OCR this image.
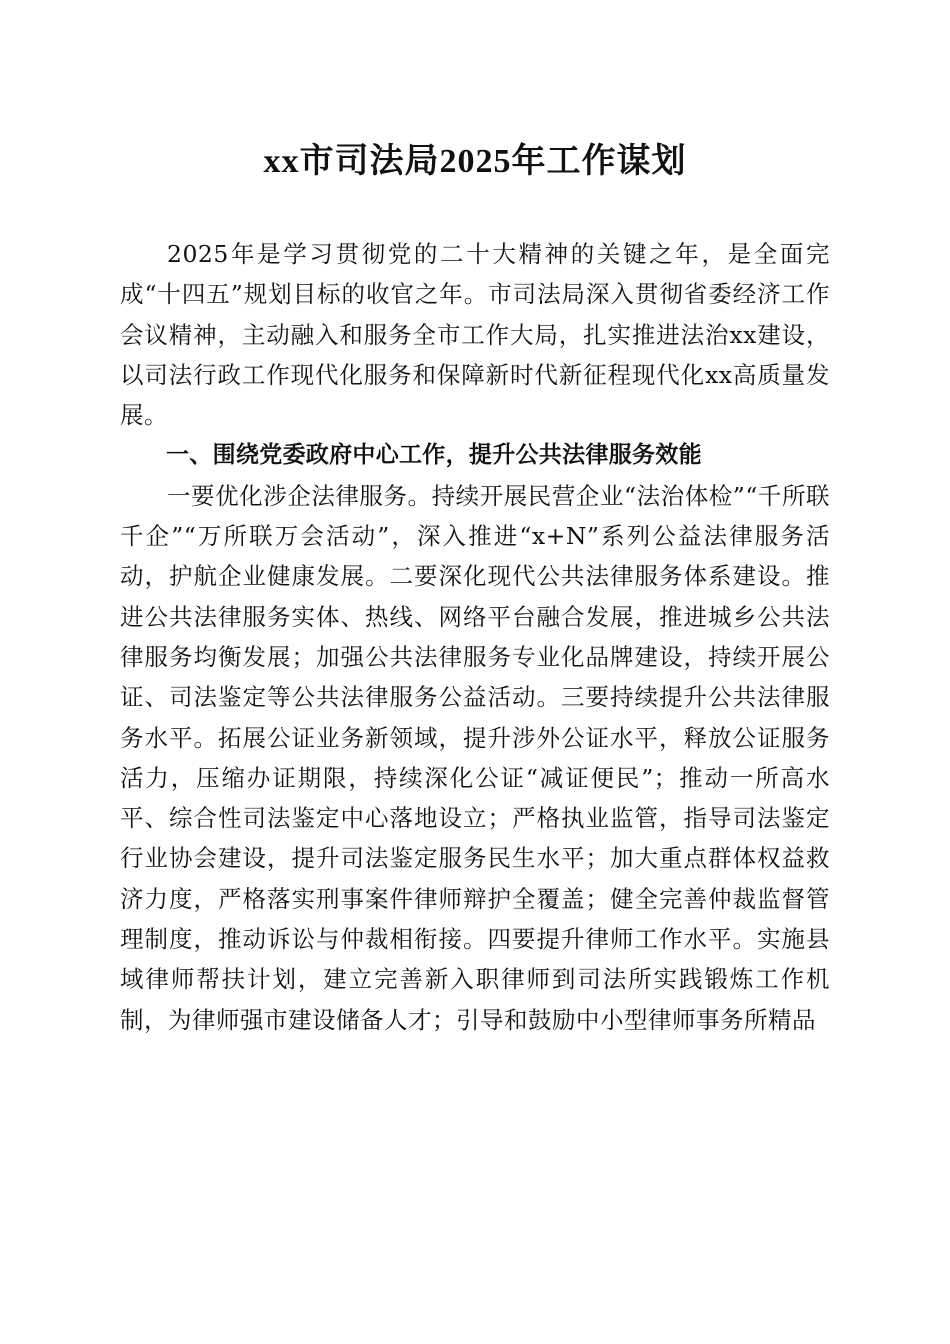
xx市司法局2025年工作谋划

2025年是学习贯彻党的二十大精神的关键之年，是全面完成“十四五”规划目标的收官之年。市司法局深入贯彻省委经济工作会议精神，主动融入和服务全市工作大局，扎实推进法治xx建设，以司法行政工作现代化服务和保障新时代新征程现代化xx高质量发展。

一、围绕党委政府中心工作，提升公共法律服务效能

一要优化涉企法律服务。持续开展民营企业“法治体检”“千所联千企”“万所联万会活动”，深入推进“x+N”系列公益法律服务活动，护航企业健康发展。二要深化现代公共法律服务体系建设。推进公共法律服务实体、热线、网络平台融合发展，推进城乡公共法律服务均衡发展；加强公共法律服务专业化品牌建设，持续开展公证、司法鉴定等公共法律服务公益活动。三要持续提升公共法律服务水平。拓展公证业务新领域，提升涉外公证水平，释放公证服务活力，压缩办证期限，持续深化公证“减证便民”；推动一所高水平、综合性司法鉴定中心落地设立；严格执业监管，指导司法鉴定行业协会建设，提升司法鉴定服务民生水平；加大重点群体权益救济力度，严格落实刑事案件律师辩护全覆盖；健全完善仲裁监督管理制度，推动诉讼与仲裁相衔接。四要提升律师工作水平。实施县域律师帮扶计划，建立完善新入职律师到司法所实践锻炼工作机制，为律师强市建设储备人才；引导和鼓励中小型律师事务所精品
